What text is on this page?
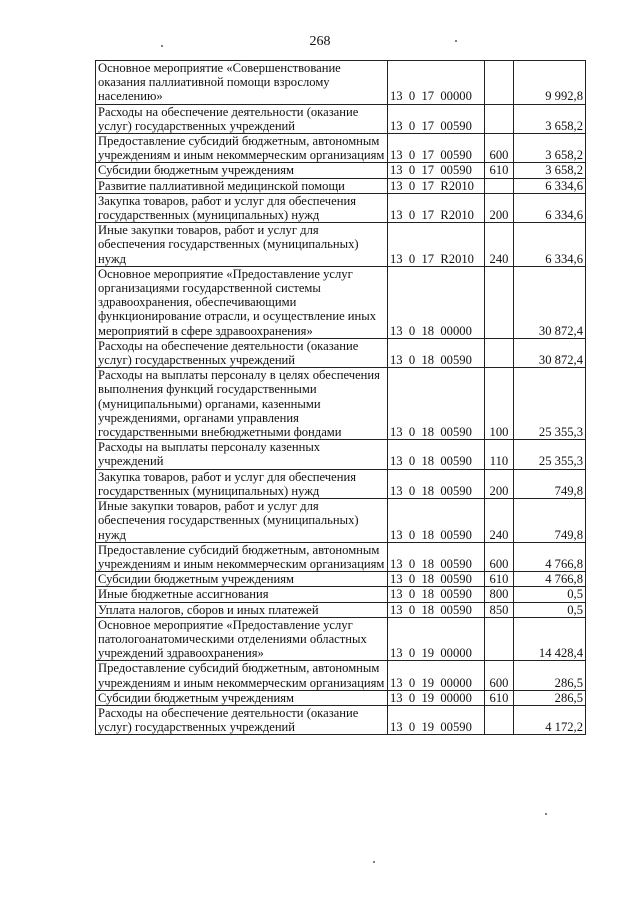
268
Основное мероприятие «Совершенствование оказания паллиативной помощи взрослому населению»	13  0  17  00000		9 992,8
Расходы на обеспечение деятельности (оказание услуг) государственных учреждений	13  0  17  00590		3 658,2
Предоставление субсидий бюджетным, автономным учреждениям и иным некоммерческим организациям	13  0  17  00590	600	3 658,2
Субсидии бюджетным учреждениям	13  0  17  00590	610	3 658,2
Развитие паллиативной медицинской помощи	13  0  17  R2010		6 334,6
Закупка товаров, работ и услуг для обеспечения государственных (муниципальных) нужд	13  0  17  R2010	200	6 334,6
Иные закупки товаров, работ и услуг для обеспечения государственных (муниципальных) нужд	13  0  17  R2010	240	6 334,6
Основное мероприятие «Предоставление услуг организациями государственной системы здравоохранения, обеспечивающими функционирование отрасли, и осуществление иных мероприятий в сфере здравоохранения»	13  0  18  00000		30 872,4
Расходы на обеспечение деятельности (оказание услуг) государственных учреждений	13  0  18  00590		30 872,4
Расходы на выплаты персоналу в целях обеспечения выполнения функций государственными (муниципальными) органами, казенными учреждениями, органами управления государственными внебюджетными фондами	13  0  18  00590	100	25 355,3
Расходы на выплаты персоналу казенных учреждений	13  0  18  00590	110	25 355,3
Закупка товаров, работ и услуг для обеспечения государственных (муниципальных) нужд	13  0  18  00590	200	749,8
Иные закупки товаров, работ и услуг для обеспечения государственных (муниципальных) нужд	13  0  18  00590	240	749,8
Предоставление субсидий бюджетным, автономным учреждениям и иным некоммерческим организациям	13  0  18  00590	600	4 766,8
Субсидии бюджетным учреждениям	13  0  18  00590	610	4 766,8
Иные бюджетные ассигнования	13  0  18  00590	800	0,5
Уплата налогов, сборов и иных платежей	13  0  18  00590	850	0,5
Основное мероприятие «Предоставление услуг патологоанатомическими отделениями областных учреждений здравоохранения»	13  0  19  00000		14 428,4
Предоставление субсидий бюджетным, автономным учреждениям и иным некоммерческим организациям	13  0  19  00000	600	286,5
Субсидии бюджетным учреждениям	13  0  19  00000	610	286,5
Расходы на обеспечение деятельности (оказание услуг) государственных учреждений	13  0  19  00590		4 172,2
